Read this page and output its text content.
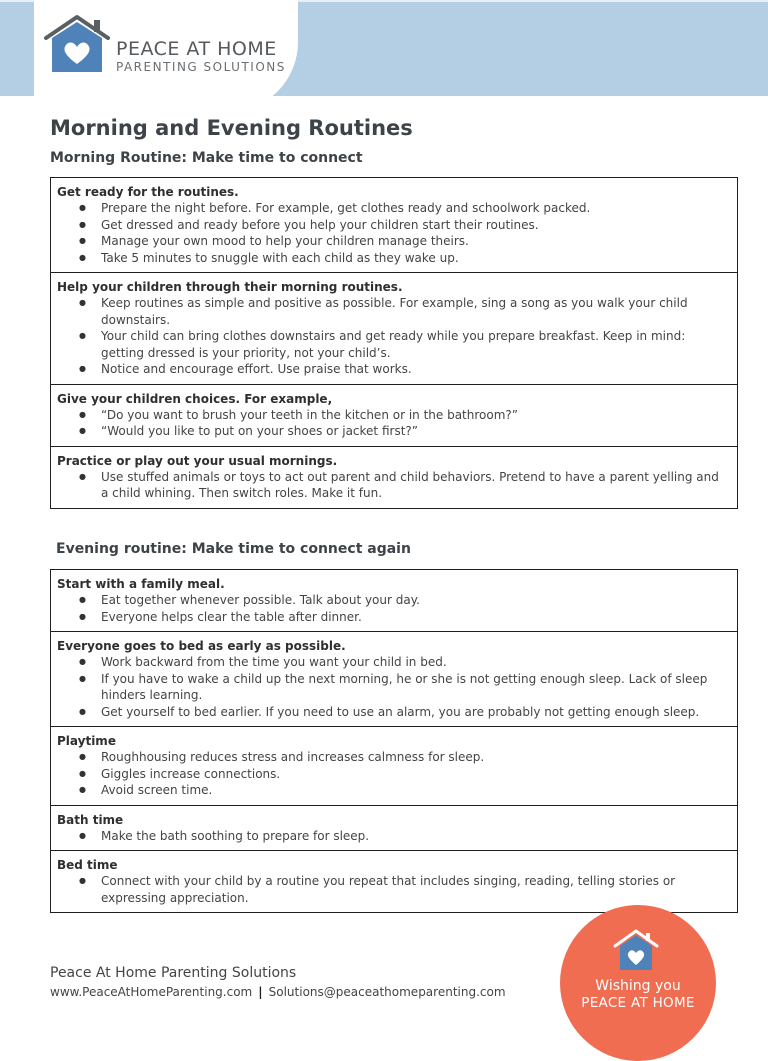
PEACE AT HOME
PARENTING SOLUTIONS
Morning and Evening Routines
Morning Routine: Make time to connect
Get ready for the routines.
● Prepare the night before. For example, get clothes ready and schoolwork packed.
● Get dressed and ready before you help your children start their routines.
● Manage your own mood to help your children manage theirs.
● Take 5 minutes to snuggle with each child as they wake up.
Help your children through their morning routines.
● Keep routines as simple and positive as possible. For example, sing a song as you walk your child downstairs.
● Your child can bring clothes downstairs and get ready while you prepare breakfast. Keep in mind: getting dressed is your priority, not your child’s.
● Notice and encourage effort. Use praise that works.
Give your children choices. For example,
● “Do you want to brush your teeth in the kitchen or in the bathroom?”
● “Would you like to put on your shoes or jacket first?”
Practice or play out your usual mornings.
● Use stuffed animals or toys to act out parent and child behaviors. Pretend to have a parent yelling and a child whining. Then switch roles. Make it fun.
Evening routine: Make time to connect again
Start with a family meal.
● Eat together whenever possible. Talk about your day.
● Everyone helps clear the table after dinner.
Everyone goes to bed as early as possible.
● Work backward from the time you want your child in bed.
● If you have to wake a child up the next morning, he or she is not getting enough sleep. Lack of sleep hinders learning.
● Get yourself to bed earlier. If you need to use an alarm, you are probably not getting enough sleep.
Playtime
● Roughhousing reduces stress and increases calmness for sleep.
● Giggles increase connections.
● Avoid screen time.
Bath time
● Make the bath soothing to prepare for sleep.
Bed time
● Connect with your child by a routine you repeat that includes singing, reading, telling stories or expressing appreciation.
Peace At Home Parenting Solutions
www.PeaceAtHomeParenting.com | Solutions@peaceathomeparenting.com	Wishing you
PEACE AT HOME
